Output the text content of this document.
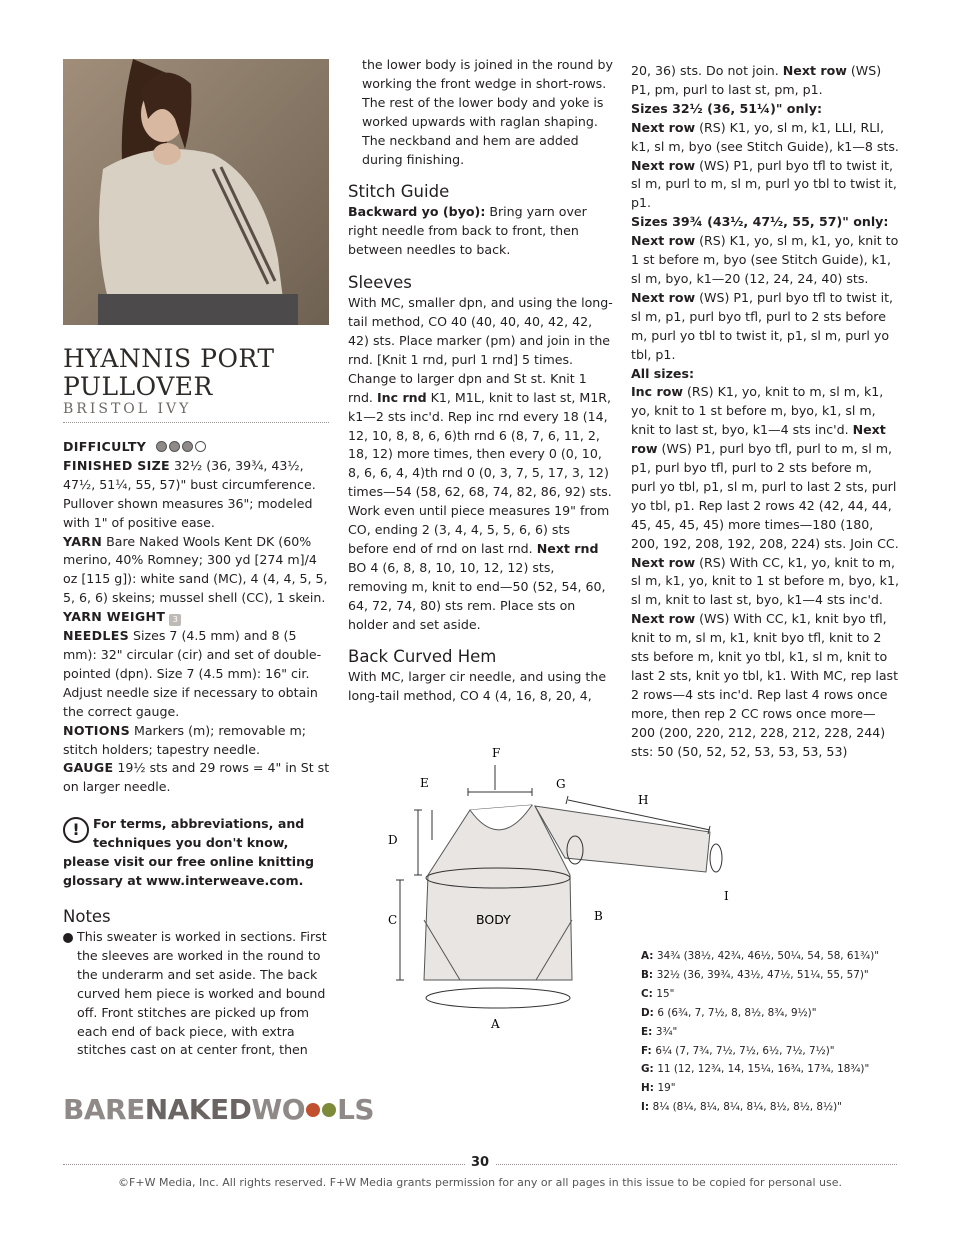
HYANNIS PORT
PULLOVER
BRISTOL IVY

DIFFICULTY

FINISHED SIZE 32½ (36, 39¾, 43½, 47½, 51¼, 55, 57)" bust circumference. Pullover shown measures 36"; modeled with 1" of positive ease.

YARN Bare Naked Wools Kent DK (60% merino, 40% Romney; 300 yd [274 m]/4 oz [115 g]): white sand (MC), 4 (4, 4, 5, 5, 5, 6, 6) skeins; mussel shell (CC), 1 skein.

YARN WEIGHT 3

NEEDLES Sizes 7 (4.5 mm) and 8 (5 mm): 32" circular (cir) and set of double-pointed (dpn). Size 7 (4.5 mm): 16" cir. Adjust needle size if necessary to obtain the correct gauge.

NOTIONS Markers (m); removable m; stitch holders; tapestry needle.

GAUGE 19½ sts and 29 rows = 4" in St st on larger needle.

!	For terms, abbreviations, and techniques you don't know, please visit our free online knitting glossary at www.interweave.com.
Notes

▶ This sweater is worked in sections. First the sleeves are worked in the round to the underarm and set aside. The back curved hem piece is worked and bound off. Front stitches are picked up from each end of back piece, with extra stitches cast on at center front, then

BARENAKEDWO LS

the lower body is joined in the round by working the front wedge in short-rows. The rest of the lower body and yoke is worked upwards with raglan shaping. The neckband and hem are added during finishing.

Stitch Guide

Backward yo (byo): Bring yarn over right needle from back to front, then between needles to back.

Sleeves

With MC, smaller dpn, and using the long-tail method, CO 40 (40, 40, 40, 42, 42, 42) sts. Place marker (pm) and join in the rnd. [Knit 1 rnd, purl 1 rnd] 5 times. Change to larger dpn and St st. Knit 1 rnd. Inc rnd K1, M1L, knit to last st, M1R, k1—2 sts inc'd. Rep inc rnd every 18 (14, 12, 10, 8, 8, 6, 6)th rnd 6 (8, 7, 6, 11, 2, 18, 12) more times, then every 0 (0, 10, 8, 6, 6, 4, 4)th rnd 0 (0, 3, 7, 5, 17, 3, 12) times—54 (58, 62, 68, 74, 82, 86, 92) sts. Work even until piece measures 19" from CO, ending 2 (3, 4, 4, 5, 5, 6, 6) sts before end of rnd on last rnd. Next rnd BO 4 (6, 8, 8, 10, 10, 12, 12) sts, removing m, knit to end—50 (52, 54, 60, 64, 72, 74, 80) sts rem. Place sts on holder and set aside.

Back Curved Hem

With MC, larger cir needle, and using the long-tail method, CO 4 (4, 16, 8, 20, 4,

20, 36) sts. Do not join. Next row (WS) P1, pm, purl to last st, pm, p1.

Sizes 32½ (36, 51¼)" only:

Next row (RS) K1, yo, sl m, k1, LLI, RLI, k1, sl m, byo (see Stitch Guide), k1—8 sts. Next row (WS) P1, purl byo tfl to twist it, sl m, purl to m, sl m, purl yo tbl to twist it, p1.

Sizes 39¾ (43½, 47½, 55, 57)" only:

Next row (RS) K1, yo, sl m, k1, yo, knit to 1 st before m, byo (see Stitch Guide), k1, sl m, byo, k1—20 (12, 24, 24, 40) sts. Next row (WS) P1, purl byo tfl to twist it, sl m, p1, purl byo tfl, purl to 2 sts before m, purl yo tbl to twist it, p1, sl m, purl yo tbl, p1.

All sizes:

Inc row (RS) K1, yo, knit to m, sl m, k1, yo, knit to 1 st before m, byo, k1, sl m, knit to last st, byo, k1—4 sts inc'd. Next row (WS) P1, purl byo tfl, purl to m, sl m, p1, purl byo tfl, purl to 2 sts before m, purl yo tbl, p1, sl m, purl to last 2 sts, purl yo tbl, p1. Rep last 2 rows 42 (42, 44, 44, 45, 45, 45, 45) more times—180 (180, 200, 192, 208, 192, 208, 224) sts. Join CC. Next row (RS) With CC, k1, yo, knit to m, sl m, k1, yo, knit to 1 st before m, byo, k1, sl m, knit to last st, byo, k1—4 sts inc'd. Next row (WS) With CC, k1, knit byo tfl, knit to m, sl m, k1, knit byo tfl, knit to 2 sts before m, knit yo tbl, k1, sl m, knit to last 2 sts, knit yo tbl, k1. With MC, rep last 2 rows—4 sts inc'd. Rep last 4 rows once more, then rep 2 CC rows once more—200 (200, 220, 212, 228, 212, 228, 244) sts: 50 (50, 52, 52, 53, 53, 53, 53)

F
E	G
H
D
C	B
I
A
BODY
A: 34¾ (38½, 42¾, 46½, 50¼, 54, 58, 61¾)"
B: 32½ (36, 39¾, 43½, 47½, 51¼, 55, 57)"
C: 15"
D: 6 (6¾, 7, 7½, 8, 8½, 8¾, 9½)"
E: 3¾"
F: 6¼ (7, 7¾, 7½, 7½, 6½, 7½, 7½)"
G: 11 (12, 12¾, 14, 15¼, 16¾, 17¾, 18¾)"
H: 19"
I: 8¼ (8¼, 8¼, 8¼, 8¼, 8½, 8½, 8½)"
30
©F+W Media, Inc. All rights reserved. F+W Media grants permission for any or all pages in this issue to be copied for personal use.
